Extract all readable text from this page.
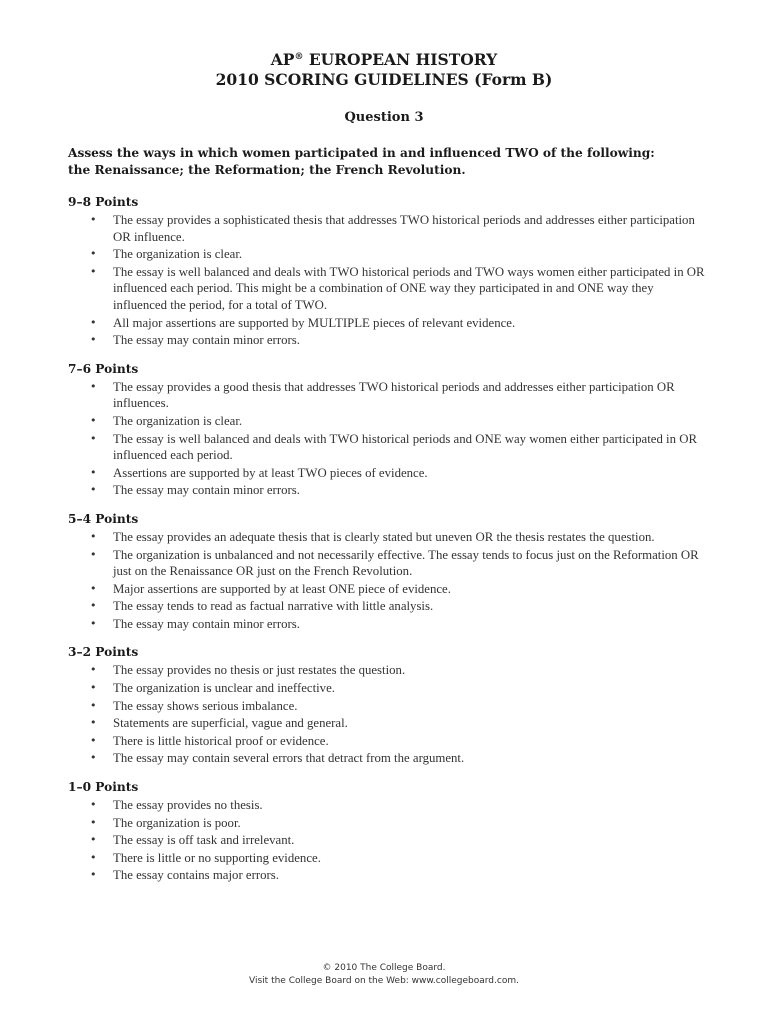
AP® EUROPEAN HISTORY
2010 SCORING GUIDELINES (Form B)
Question 3
Assess the ways in which women participated in and influenced TWO of the following:
the Renaissance; the Reformation; the French Revolution.
9–8 Points
• The essay provides a sophisticated thesis that addresses TWO historical periods and addresses either participation OR influence.
• The organization is clear.
• The essay is well balanced and deals with TWO historical periods and TWO ways women either participated in OR influenced each period. This might be a combination of ONE way they participated in and ONE way they influenced the period, for a total of TWO.
• All major assertions are supported by MULTIPLE pieces of relevant evidence.
• The essay may contain minor errors.
7–6 Points
• The essay provides a good thesis that addresses TWO historical periods and addresses either participation OR influences.
• The organization is clear.
• The essay is well balanced and deals with TWO historical periods and ONE way women either participated in OR influenced each period.
• Assertions are supported by at least TWO pieces of evidence.
• The essay may contain minor errors.
5–4 Points
• The essay provides an adequate thesis that is clearly stated but uneven OR the thesis restates the question.
• The organization is unbalanced and not necessarily effective. The essay tends to focus just on the Reformation OR just on the Renaissance OR just on the French Revolution.
• Major assertions are supported by at least ONE piece of evidence.
• The essay tends to read as factual narrative with little analysis.
• The essay may contain minor errors.
3–2 Points
• The essay provides no thesis or just restates the question.
• The organization is unclear and ineffective.
• The essay shows serious imbalance.
• Statements are superficial, vague and general.
• There is little historical proof or evidence.
• The essay may contain several errors that detract from the argument.
1–0 Points
• The essay provides no thesis.
• The organization is poor.
• The essay is off task and irrelevant.
• There is little or no supporting evidence.
• The essay contains major errors.
© 2010 The College Board.
Visit the College Board on the Web: www.collegeboard.com.
